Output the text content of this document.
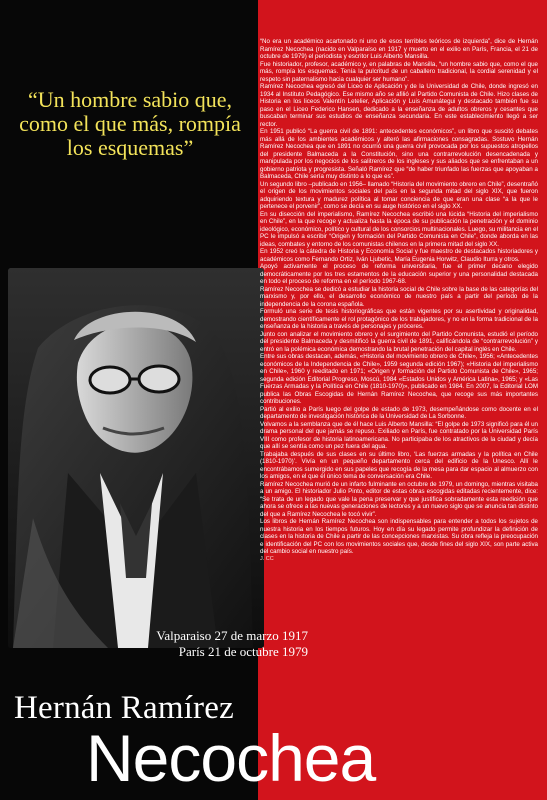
“Un hombre sabio que, como el que más, rompía los esquemas”
Valparaiso 27 de marzo 1917
París 21 de octubre 1979
Hernán Ramírez
Necochea

“No era un académico acartonado ni uno de esos terribles teóricos de izquierda”, dice de Hernán Ramírez Necochea (nacido en Valparaíso en 1917 y muerto en el exilio en París, Francia, el 21 de octubre de 1979) el periodista y escritor Luis Alberto Mansilla.

Fue historiador, profesor, académico y, en palabras de Mansilla, “un hombre sabio que, como el que más, rompía los esquemas. Tenía la pulcritud de un caballero tradicional, la cordial serenidad y el respeto sin paternalismo hacia cualquier ser humano”.

Ramírez Necochea egresó del Liceo de Aplicación y de la Universidad de Chile, donde ingresó en 1934 al Instituto Pedagógico. Ese mismo año se afilió al Partido Comunista de Chile. Hizo clases de Historia en los liceos Valentín Letelier, Aplicación y Luis Amunátegui y destacado también fue su paso en el Liceo Federico Hansen, dedicado a la enseñanza de adultos obreros y cesantes que buscaban terminar sus estudios de enseñanza secundaria. En este establecimiento llegó a ser rector.

En 1951 publicó “La guerra civil de 1891: antecedentes económicos”, un libro que suscitó debates más allá de los ambientes académicos y alteró las afirmaciones consagradas. Sostuvo Hernán Ramírez Necochea que en 1891 no ocurrió una guerra civil provocada por los supuestos atropellos del presidente Balmaceda a la Constitución, sino una contrarrevolución desencadenada y manipulada por los negocios de los salitreros de los ingleses y sus aliados que se enfrentaban a un gobierno patriota y progresista. Señaló Ramírez que “de haber triunfado las fuerzas que apoyaban a Balmaceda, Chile sería muy distinto a lo que es”.

Un segundo libro –publicado en 1956– llamado “Historia del movimiento obrero en Chile”, desentrañó el origen de los movimientos sociales del país en la segunda mitad del siglo XIX, que fueron adquiriendo textura y madurez política al tomar conciencia de que eran una clase “a la que le pertenece el porvenir”, como se decía en su auge histórico en el siglo XX.

En su disección del imperialismo, Ramírez Necochea escribió una lúcida “Historia del imperialismo en Chile”, en la que recoge y actualiza hasta la época de su publicación la penetración y el dominio ideológico, económico, político y cultural de los consorcios multinacionales. Luego, su militancia en el PC le impulsó a escribir “Origen y formación del Partido Comunista en Chile”, donde aborda en las ideas, combates y entorno de los comunistas chilenos en la primera mitad del siglo XX.

En 1952 creó la cátedra de Historia y Economía Social y fue maestro de destacados historiadores y académicos como Fernando Ortiz, Iván Ljubetic, María Eugenia Horwitz, Claudio Iturra y otros.

Apoyó activamente el proceso de reforma universitaria, fue el primer decano elegido democráticamente por los tres estamentos de la educación superior y una personalidad destacada en todo el proceso de reforma en el período 1967-68.

Ramírez Necochea se dedicó a estudiar la historia social de Chile sobre la base de las categorías del marxismo y, por ello, el desarrollo económico de nuestro país a partir del período de la independencia de la corona española.

Formuló una serie de tesis historiográficas que están vigentes por su asertividad y originalidad, demostrando científicamente el rol protagónico de los trabajadores, y no en la forma tradicional de la enseñanza de la historia a través de personajes y próceres.

Junto con analizar el movimiento obrero y el surgimiento del Partido Comunista, estudió el período del presidente Balmaceda y desmitificó la guerra civil de 1891, calificándola de “contrarrevolución” y entró en la polémica económica demostrando la brutal penetración del capital inglés en Chile.

Entre sus obras destacan, además, «Historia del movimiento obrero de Chile», 1956; «Antecedentes económicos de la Independencia de Chile», 1959 segunda edición 1967); «Historia del imperialismo en Chile», 1960 y reeditado en 1971; «Origen y formación del Partido Comunista de Chile», 1965; segunda edición Editorial Progreso, Moscú, 1984 «Estados Unidos y América Latina», 1965; y «Las Fuerzas Armadas y la Política en Chile (1810-1970)», publicado en 1984. En 2007, la Editorial LOM publica las Obras Escogidas de Hernán Ramírez Necochea, que recoge sus más importantes contribuciones.

Partió al exilio a París luego del golpe de estado de 1973, desempeñándose como docente en el departamento de investigación histórica de la Universidad de La Sorbonne.

Volvamos a la semblanza que de él hace Luis Alberto Mansilla: “El golpe de 1973 significó para él un drama personal del que jamás se repuso. Exiliado en París, fue contratado por la Universidad París VIII como profesor de historia latinoamericana. No participaba de los atractivos de la ciudad y decía que allí se sentía como un pez fuera del agua.

Trabajaba después de sus clases en su último libro, ‘Las fuerzas armadas y la política en Chile (1810-1970)’. Vivía en un pequeño departamento cerca del edificio de la Unesco. Allí le encontrábamos sumergido en sus papeles que recogía de la mesa para dar espacio al almuerzo con los amigos, en el que él único tema de conversación era Chile.

Ramírez Necochea murió de un infarto fulminante en octubre de 1979, un domingo, mientras visitaba a un amigo. El historiador Julio Pinto, editor de estas obras escogidas editadas recientemente, dice: “Se trata de un legado que vale la pena preservar y que justifica sobradamente esta reedición que ahora se ofrece a las nuevas generaciones de lectores y a un nuevo siglo que se anuncia tan distinto del que a Ramírez Necochea le tocó vivir”.

Los libros de Hernán Ramírez Necochea son indispensables para entender a todos los sujetos de nuestra historia en los tiempos futuros. Hoy en día su legado permite profundizar la definición de clases en la historia de Chile a partir de las concepciones marxistas. Su obra refleja la preocupación e identificación del PC con los movimientos sociales que, desde fines del siglo XIX, son parte activa del cambio social en nuestro país.

J. CC
